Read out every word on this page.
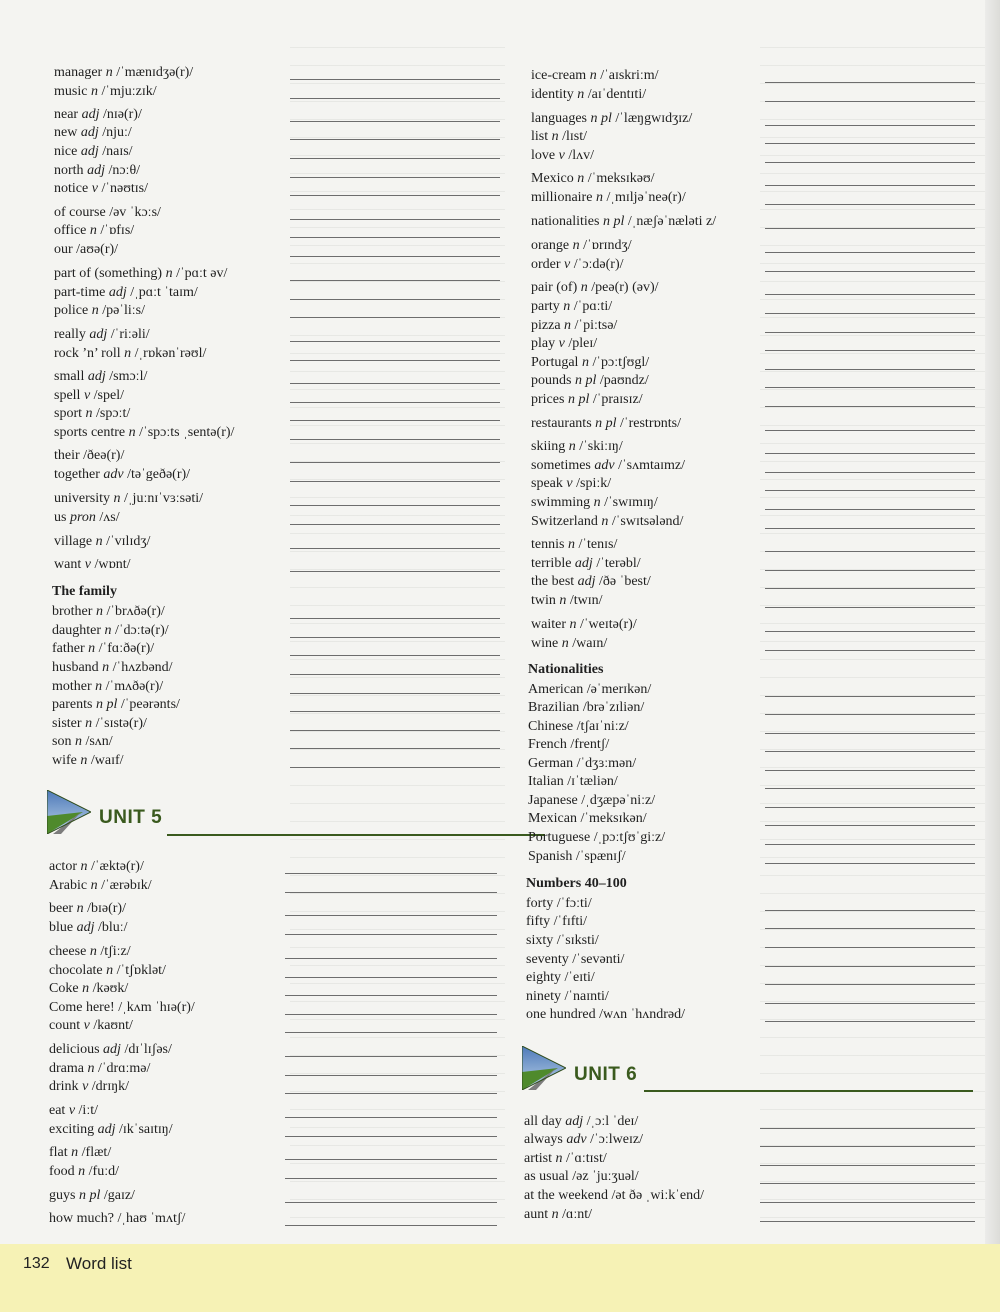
UNIT 5
UNIT 6
132 Word list
manager n /ˈmænɪdʒə(r)/
music n /ˈmjuːzɪk/
near adj /nɪə(r)/
new adj /njuː/
nice adj /naɪs/
north adj /nɔːθ/
notice v /ˈnəʊtɪs/
of course /əv ˈkɔːs/
office n /ˈɒfɪs/
our /aʊə(r)/
part of (something) n /ˈpɑːt əv/
part-time adj /ˌpɑːt ˈtaɪm/
police n /pəˈliːs/
really adj /ˈriːəli/
rock ’n’ roll n /ˌrɒkənˈrəʊl/
small adj /smɔːl/
spell v /spel/
sport n /spɔːt/
sports centre n /ˈspɔːts ˌsentə(r)/
their /ðeə(r)/
together adv /təˈgeðə(r)/
university n /ˌjuːnɪˈvɜːsəti/
us pron /ʌs/
village n /ˈvɪlɪdʒ/
want v /wɒnt/
The family
brother n /ˈbrʌðə(r)/
daughter n /ˈdɔːtə(r)/
father n /ˈfɑːðə(r)/
husband n /ˈhʌzbənd/
mother n /ˈmʌðə(r)/
parents n pl /ˈpeərənts/
sister n /ˈsɪstə(r)/
son n /sʌn/
wife n /waɪf/
actor n /ˈæktə(r)/
Arabic n /ˈærəbɪk/
beer n /bɪə(r)/
blue adj /bluː/
cheese n /tʃiːz/
chocolate n /ˈtʃɒklət/
Coke n /kəʊk/
Come here! /ˌkʌm ˈhɪə(r)/
count v /kaʊnt/
delicious adj /dɪˈlɪʃəs/
drama n /ˈdrɑːmə/
drink v /drɪŋk/
eat v /iːt/
exciting adj /ɪkˈsaɪtɪŋ/
flat n /flæt/
food n /fuːd/
guys n pl /gaɪz/
how much? /ˌhaʊ ˈmʌtʃ/
ice-cream n /ˈaɪskriːm/
identity n /aɪˈdentɪti/
languages n pl /ˈlæŋgwɪdʒɪz/
list n /lɪst/
love v /lʌv/
Mexico n /ˈmeksɪkəʊ/
millionaire n /ˌmɪljəˈneə(r)/
nationalities n pl /ˌnæʃəˈnæləti z/
orange n /ˈɒrɪndʒ/
order v /ˈɔːdə(r)/
pair (of) n /peə(r) (əv)/
party n /ˈpɑːti/
pizza n /ˈpiːtsə/
play v /pleɪ/
Portugal n /ˈpɔːtʃʊgl/
pounds n pl /paʊndz/
prices n pl /ˈpraɪsɪz/
restaurants n pl /ˈrestrɒnts/
skiing n /ˈskiːɪŋ/
sometimes adv /ˈsʌmtaɪmz/
speak v /spiːk/
swimming n /ˈswɪmɪŋ/
Switzerland n /ˈswɪtsələnd/
tennis n /ˈtenɪs/
terrible adj /ˈterəbl/
the best adj /ðə ˈbest/
twin n /twɪn/
waiter n /ˈweɪtə(r)/
wine n /waɪn/
Nationalities
American /əˈmerɪkən/
Brazilian /brəˈzɪliən/
Chinese /tʃaɪˈniːz/
French /frentʃ/
German /ˈdʒɜːmən/
Italian /ɪˈtæliən/
Japanese /ˌdʒæpəˈniːz/
Mexican /ˈmeksɪkən/
Portuguese /ˌpɔːtʃʊˈgiːz/
Spanish /ˈspænɪʃ/
Numbers 40–100
forty /ˈfɔːti/
fifty /ˈfɪfti/
sixty /ˈsɪksti/
seventy /ˈsevənti/
eighty /ˈeɪti/
ninety /ˈnaɪnti/
one hundred /wʌn ˈhʌndrəd/
all day adj /ˌɔːl ˈdeɪ/
always adv /ˈɔːlweɪz/
artist n /ˈɑːtɪst/
as usual /əz ˈjuːʒuəl/
at the weekend /ət ðə ˌwiːkˈend/
aunt n /ɑːnt/
